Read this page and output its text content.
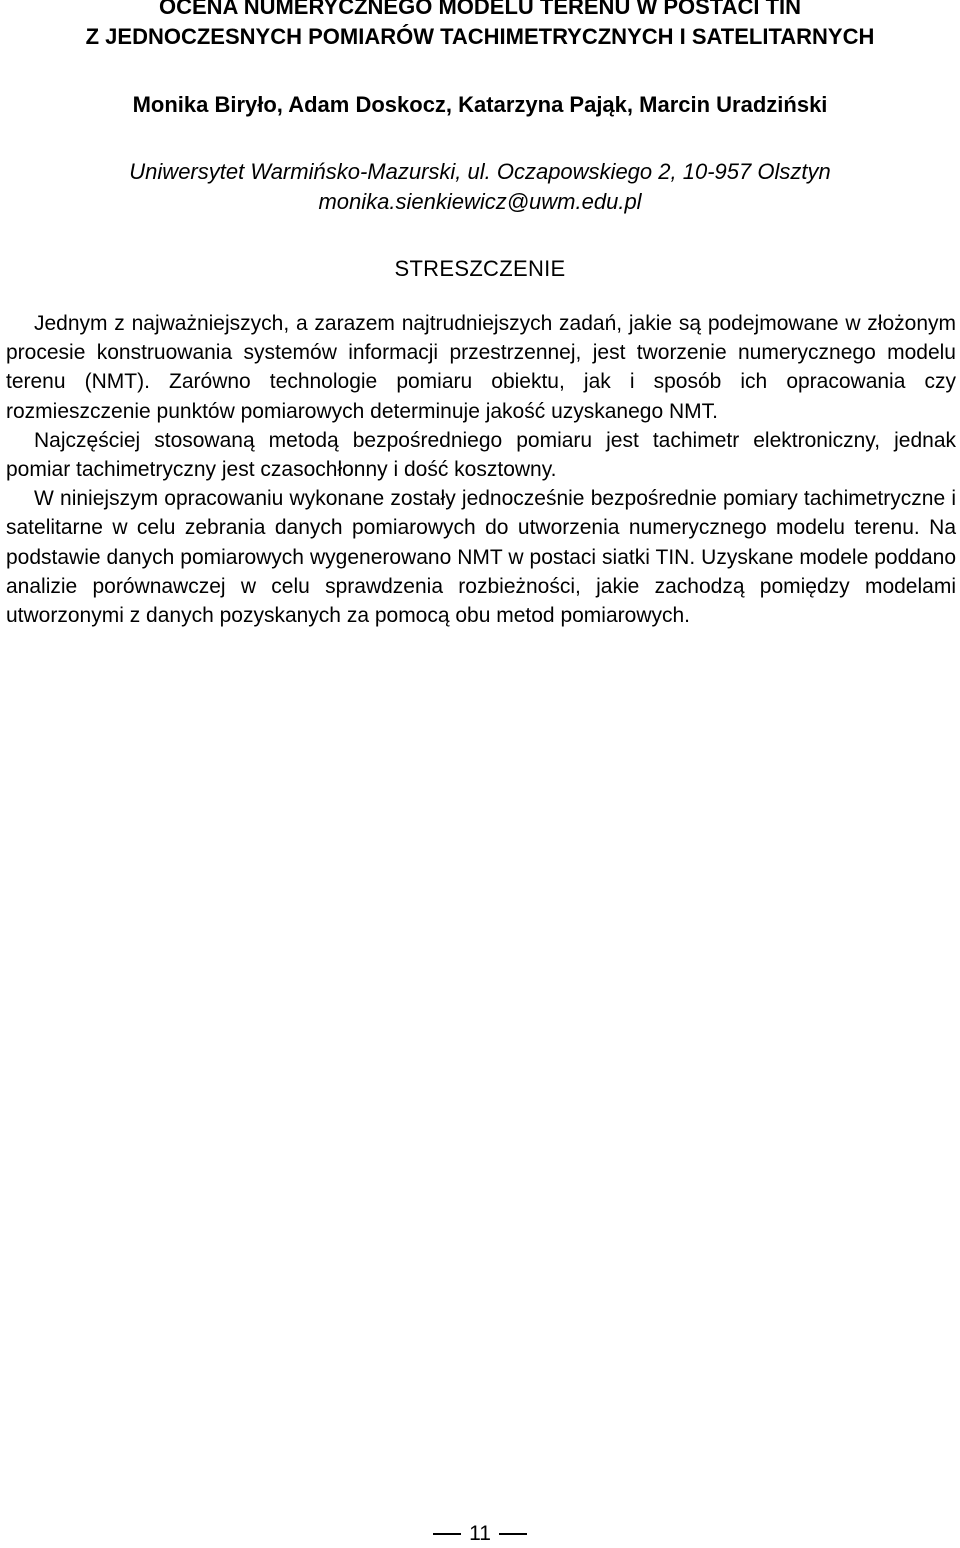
OCENA NUMERYCZNEGO MODELU TERENU W POSTACI TIN
Z JEDNOCZESNYCH POMIARÓW TACHIMETRYCZNYCH I SATELITARNYCH
Monika Biryło, Adam Doskocz, Katarzyna Pająk, Marcin Uradziński
Uniwersytet Warmińsko-Mazurski, ul. Oczapowskiego 2, 10-957 Olsztyn
monika.sienkiewicz@uwm.edu.pl
STRESZCZENIE

Jednym z najważniejszych, a zarazem najtrudniejszych zadań, jakie są podejmowane w złożonym procesie konstruowania systemów informacji przestrzennej, jest tworzenie numerycznego modelu terenu (NMT). Zarówno technologie pomiaru obiektu, jak i sposób ich opracowania czy rozmieszczenie punktów pomiarowych determinuje jakość uzyskanego NMT.

Najczęściej stosowaną metodą bezpośredniego pomiaru jest tachimetr elektroniczny, jednak pomiar tachimetryczny jest czasochłonny i dość kosztowny.

W niniejszym opracowaniu wykonane zostały jednocześnie bezpośrednie pomiary tachimetryczne i satelitarne w celu zebrania danych pomiarowych do utworzenia numerycznego modelu terenu. Na podstawie danych pomiarowych wygenerowano NMT w postaci siatki TIN. Uzyskane modele poddano analizie porównawczej w celu sprawdzenia rozbieżności, jakie zachodzą pomiędzy modelami utworzonymi z danych pozyskanych za pomocą obu metod pomiarowych.

11
